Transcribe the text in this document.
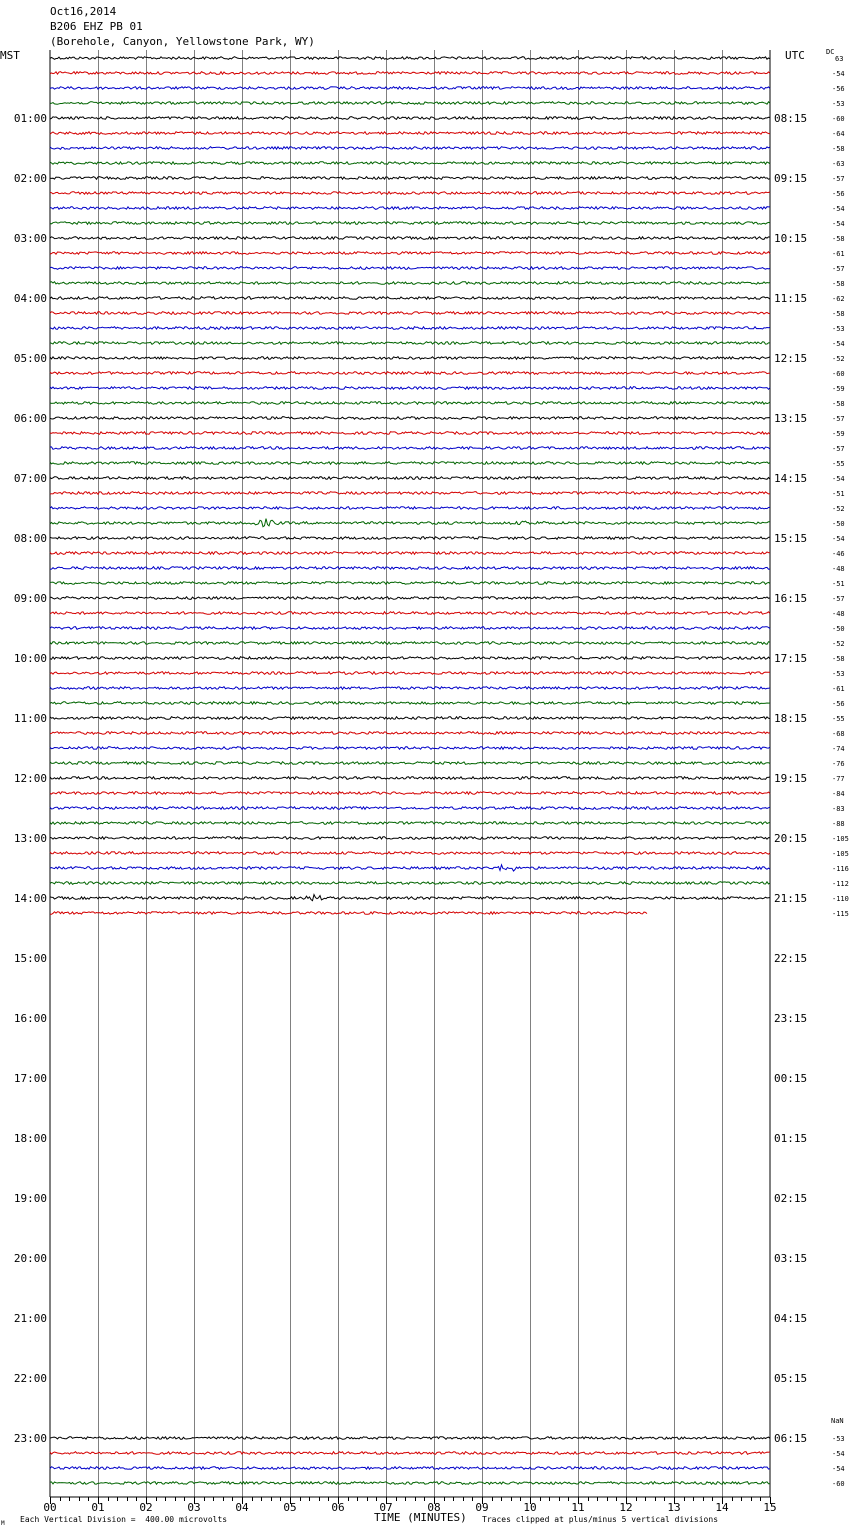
Oct16,2014
B206 EHZ PB 01
(Borehole, Canyon, Yellowstone Park, WY)
MST	UTC	DC
NaN
00	01	02	03	04	05	06	07	08	09	10	11	12	13	14	15
01:00
02:00
03:00
04:00
05:00
06:00
07:00
08:00
09:00
10:00
11:00
12:00
13:00
14:00
15:00
16:00
17:00
18:00
19:00
20:00
21:00
22:00
23:00
08:15
09:15
10:15
11:15
12:15
13:15
14:15
15:15
16:15
17:15
18:15
19:15
20:15
21:15
22:15
23:15
00:15
01:15
02:15
03:15
04:15
05:15
06:15
63
-54
-56
-53
-60
-64
-58
-63
-57
-56
-54
-54
-58
-61
-57
-58
-62
-58
-53
-54
-52
-60
-59
-58
-57
-59
-57
-55
-54
-51
-52
-50
-54
-46
-48
-51
-57
-48
-50
-52
-58
-53
-61
-56
-55
-68
-74
-76
-77
-84
-83
-88
-105
-105
-116
-112
-110
-115
-53
-54
-54
-60
TIME (MINUTES)
Each Vertical Division =  400.00 microvolts	Traces clipped at plus/minus 5 vertical divisions
M
